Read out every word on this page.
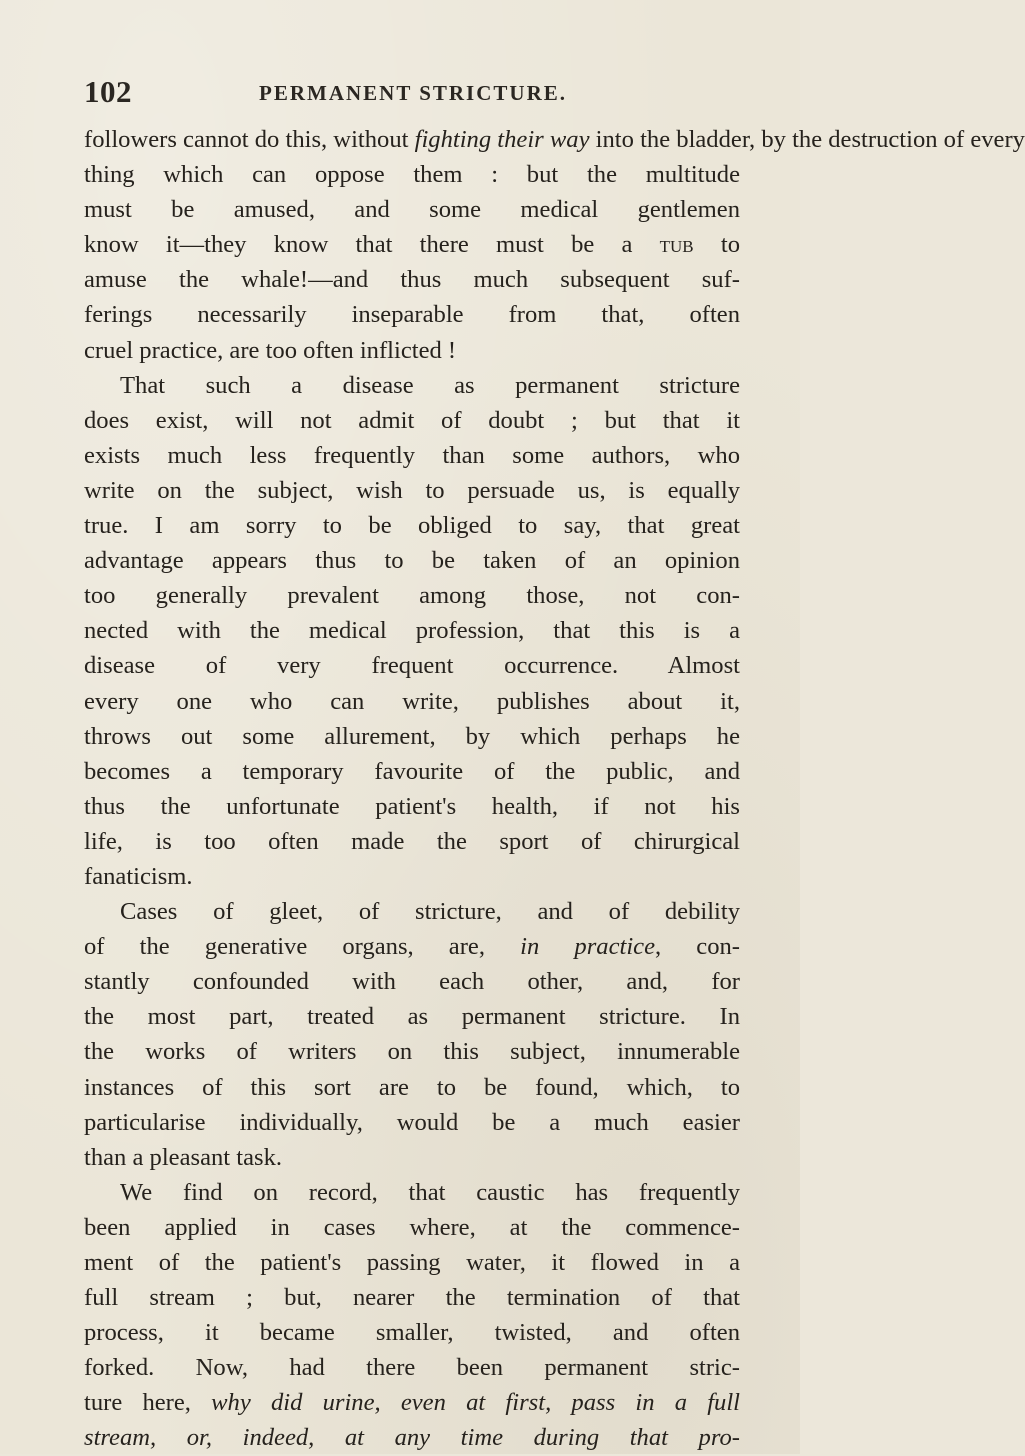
102	PERMANENT STRICTURE.
followers cannot do this, without fighting their way into the bladder, by the destruction of every
thing which can oppose them : but the multitude
must be amused, and some medical gentlemen
know it—they know that there must be a tub to
amuse the whale!—and thus much subsequent suf-
ferings necessarily inseparable from that, often
cruel practice, are too often inflicted !
That such a disease as permanent stricture
does exist, will not admit of doubt ; but that it
exists much less frequently than some authors, who
write on the subject, wish to persuade us, is equally
true. I am sorry to be obliged to say, that great
advantage appears thus to be taken of an opinion
too generally prevalent among those, not con-
nected with the medical profession, that this is a
disease of very frequent occurrence. Almost
every one who can write, publishes about it,
throws out some allurement, by which perhaps he
becomes a temporary favourite of the public, and
thus the unfortunate patient's health, if not his
life, is too often made the sport of chirurgical
fanaticism.
Cases of gleet, of stricture, and of debility
of the generative organs, are, in practice, con-
stantly confounded with each other, and, for
the most part, treated as permanent stricture. In
the works of writers on this subject, innumerable
instances of this sort are to be found, which, to
particularise individually, would be a much easier
than a pleasant task.
We find on record, that caustic has frequently
been applied in cases where, at the commence-
ment of the patient's passing water, it flowed in a
full stream ; but, nearer the termination of that
process, it became smaller, twisted, and often
forked. Now, had there been permanent stric-
ture here, why did urine, even at first, pass in a full
stream, or, indeed, at any time during that pro-
